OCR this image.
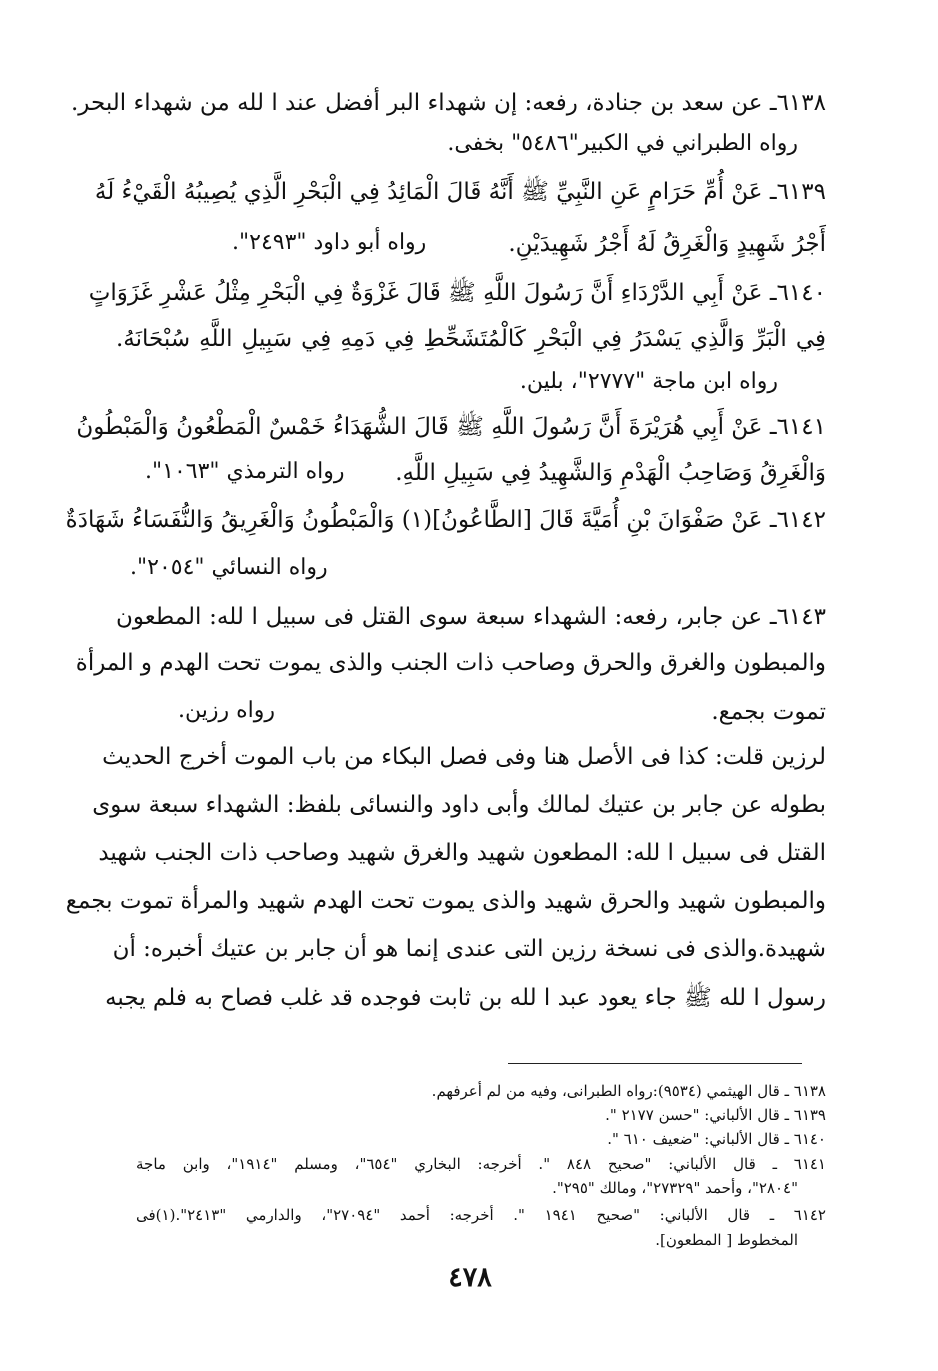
٦١٣٨ـ عن سعد بن جنادة، رفعه: إن شهداء البر أفضل عند ا لله من شهداء البحر.
رواه الطبراني في الكبير"٥٤٨٦" بخفى.
٦١٣٩ـ عَنْ أُمِّ حَرَامٍ عَنِ النَّبِيِّ ﷺ أَنَّهُ قَالَ الْمَائِدُ فِي الْبَحْرِ الَّذِي يُصِيبُهُ الْقَيْءُ لَهُ
أَجْرُ شَهِيدٍ وَالْغَرِقُ لَهُ أَجْرُ شَهِيدَيْنِ.
رواه أبو داود "٢٤٩٣".
٦١٤٠ـ عَنْ أَبِي الدَّرْدَاءِ أَنَّ رَسُولَ اللَّهِ ﷺ قَالَ غَزْوَةٌ فِي الْبَحْرِ مِثْلُ عَشْرِ غَزَوَاتٍ
فِي الْبَرِّ وَالَّذِي يَسْدَرُ فِي الْبَحْرِ كَالْمُتَشَحِّطِ فِي دَمِهِ فِي سَبِيلِ اللَّهِ سُبْحَانَهُ.
رواه ابن ماجة "٢٧٧٧"، بلين.
٦١٤١ـ عَنْ أَبِي هُرَيْرَةَ أَنَّ رَسُولَ اللَّهِ ﷺ قَالَ الشُّهَدَاءُ خَمْسٌ الْمَطْعُونُ وَالْمَبْطُونُ
وَالْغَرِقُ وَصَاحِبُ الْهَدْمِ وَالشَّهِيدُ فِي سَبِيلِ اللَّهِ.
رواه الترمذي "١٠٦٣".
٦١٤٢ـ عَنْ صَفْوَانَ بْنِ أُمَيَّةَ قَالَ [الطَّاعُونُ](١) وَالْمَبْطُونُ وَالْغَرِيقُ وَالنُّفَسَاءُ شَهَادَةٌ
رواه النسائي "٢٠٥٤".
٦١٤٣ـ عن جابر، رفعه: الشهداء سبعة سوى القتل فى سبيل ا لله: المطعون
والمبطون والغرق والحرق وصاحب ذات الجنب والذى يموت تحت الهدم و المرأة
تموت بجمع.
رواه رزين.
لرزين قلت: كذا فى الأصل هنا وفى فصل البكاء من باب الموت أخرج الحديث
بطوله عن جابر بن عتيك لمالك وأبى داود والنسائى بلفظ: الشهداء سبعة سوى
القتل فى سبيل ا لله: المطعون شهيد والغرق شهيد وصاحب ذات الجنب شهيد
والمبطون شهيد والحرق شهيد والذى يموت تحت الهدم شهيد والمرأة تموت بجمع
شهيدة.والذى فى نسخة رزين التى عندى إنما هو أن جابر بن عتيك أخبره: أن
رسول ا لله ﷺ جاء يعود عبد ا لله بن ثابت فوجده قد غلب فصاح به فلم يجبه
٦١٣٨ ـ قال الهيثمي (٩٥٣٤):رواه الطبرانى، وفيه من لم أعرفهم.
٦١٣٩ ـ قال الألباني: "حسن ٢١٧٧ ".
٦١٤٠ ـ قال الألباني: "ضعيف ٦١٠ ".
٦١٤١ ـ قال الألباني: "صحيح ٨٤٨ ". أخرجه: البخاري "٦٥٤"، ومسلم "١٩١٤"، وابن ماجة
"٢٨٠٤"، وأحمد "٢٧٣٢٩"، ومالك "٢٩٥".
٦١٤٢ ـ قال الألباني: "صحيح ١٩٤١ ". أخرجه: أحمد "٢٧٠٩٤"، والدارمي "٢٤١٣".(١)فى
المخطوط [ المطعون].
٤٧٨
